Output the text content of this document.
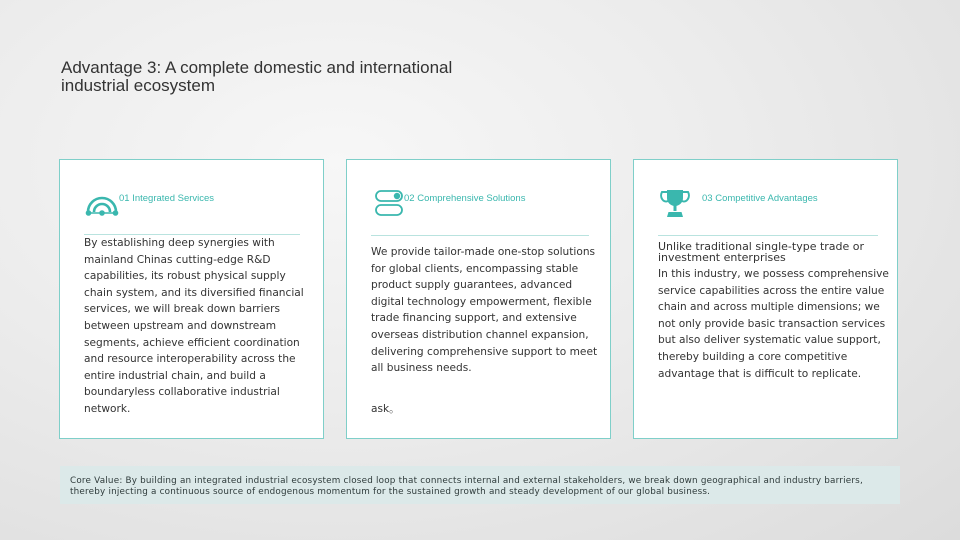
Advantage 3: A complete domestic and international industrial ecosystem
01 Integrated Services
By establishing deep synergies with mainland Chinas cutting-edge R&D capabilities, its robust physical supply chain system, and its diversified financial services, we will break down barriers between upstream and downstream segments, achieve efficient coordination and resource interoperability across the entire industrial chain, and build a boundaryless collaborative industrial network.
02 Comprehensive Solutions
We provide tailor-made one-stop solutions for global clients, encompassing stable product supply guarantees, advanced digital technology empowerment, flexible trade financing support, and extensive overseas distribution channel expansion, delivering comprehensive support to meet all business needs.
ask。
03 Competitive Advantages
Unlike traditional single-type trade or investment enterprises
In this industry, we possess comprehensive service capabilities across the entire value chain and across multiple dimensions; we not only provide basic transaction services but also deliver systematic value support, thereby building a core competitive advantage that is difficult to replicate.
Core Value: By building an integrated industrial ecosystem closed loop that connects internal and external stakeholders, we break down geographical and industry barriers, thereby injecting a continuous source of endogenous momentum for the sustained growth and steady development of our global business.
